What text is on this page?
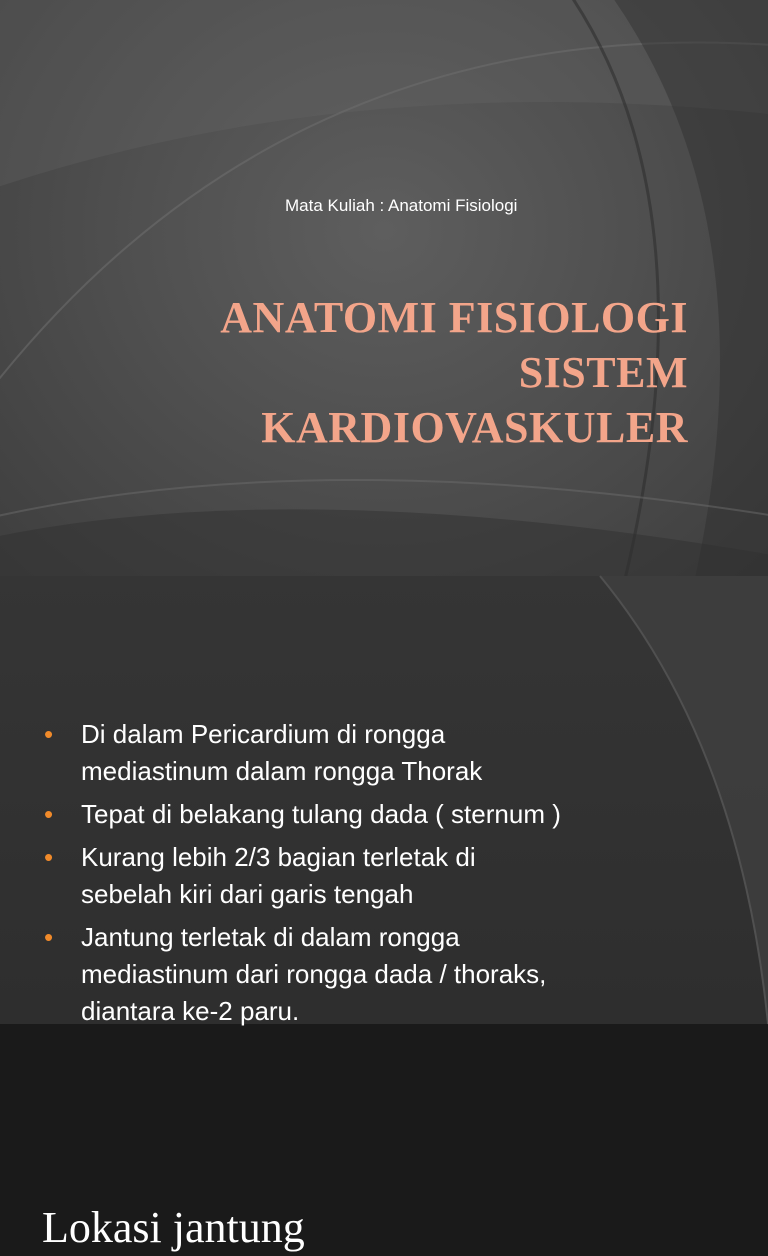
Mata Kuliah : Anatomi Fisiologi
ANATOMI FISIOLOGI
SISTEM
KARDIOVASKULER
Lokasi jantung
• Di dalam Pericardium di rongga
mediastinum dalam rongga Thorak
• Tepat di belakang tulang dada ( sternum )
• Kurang lebih 2/3 bagian terletak di
sebelah kiri dari garis tengah
• Jantung terletak di dalam rongga
mediastinum dari rongga dada / thoraks,
diantara ke-2 paru.
